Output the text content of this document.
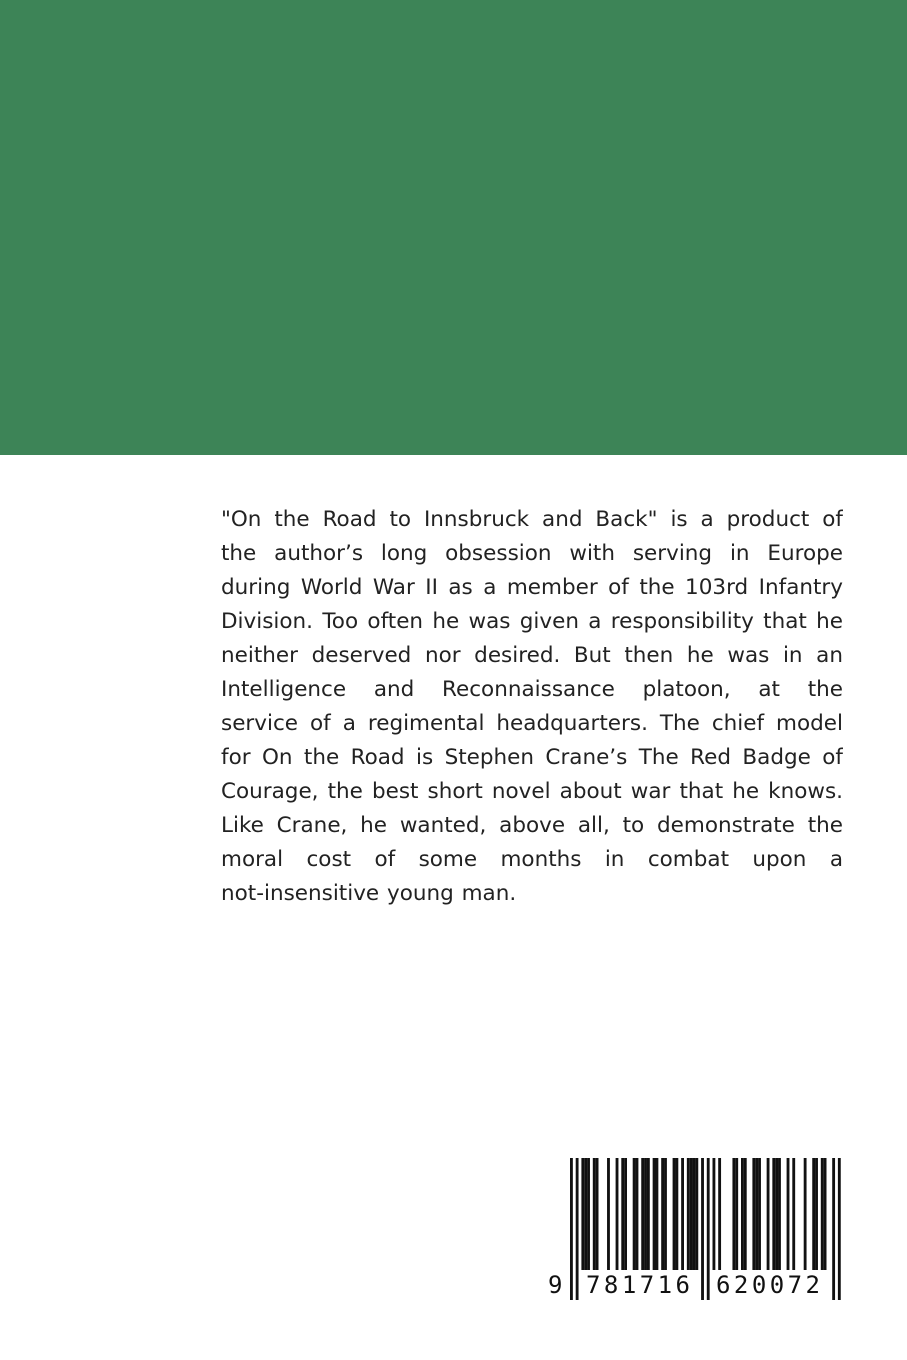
"On the Road to Innsbruck and Back" is a product of
the author’s long obsession with serving in Europe
during World War II as a member of the 103rd Infantry
Division. Too often he was given a responsibility that he
neither deserved nor desired. But then he was in an
Intelligence and Reconnaissance platoon, at the
service of a regimental headquarters. The chief model
for On the Road is Stephen Crane’s The Red Badge of
Courage, the best short novel about war that he knows.
Like Crane, he wanted, above all, to demonstrate the
moral cost of some months in combat upon a
not-insensitive young man.
9 781716 620072
